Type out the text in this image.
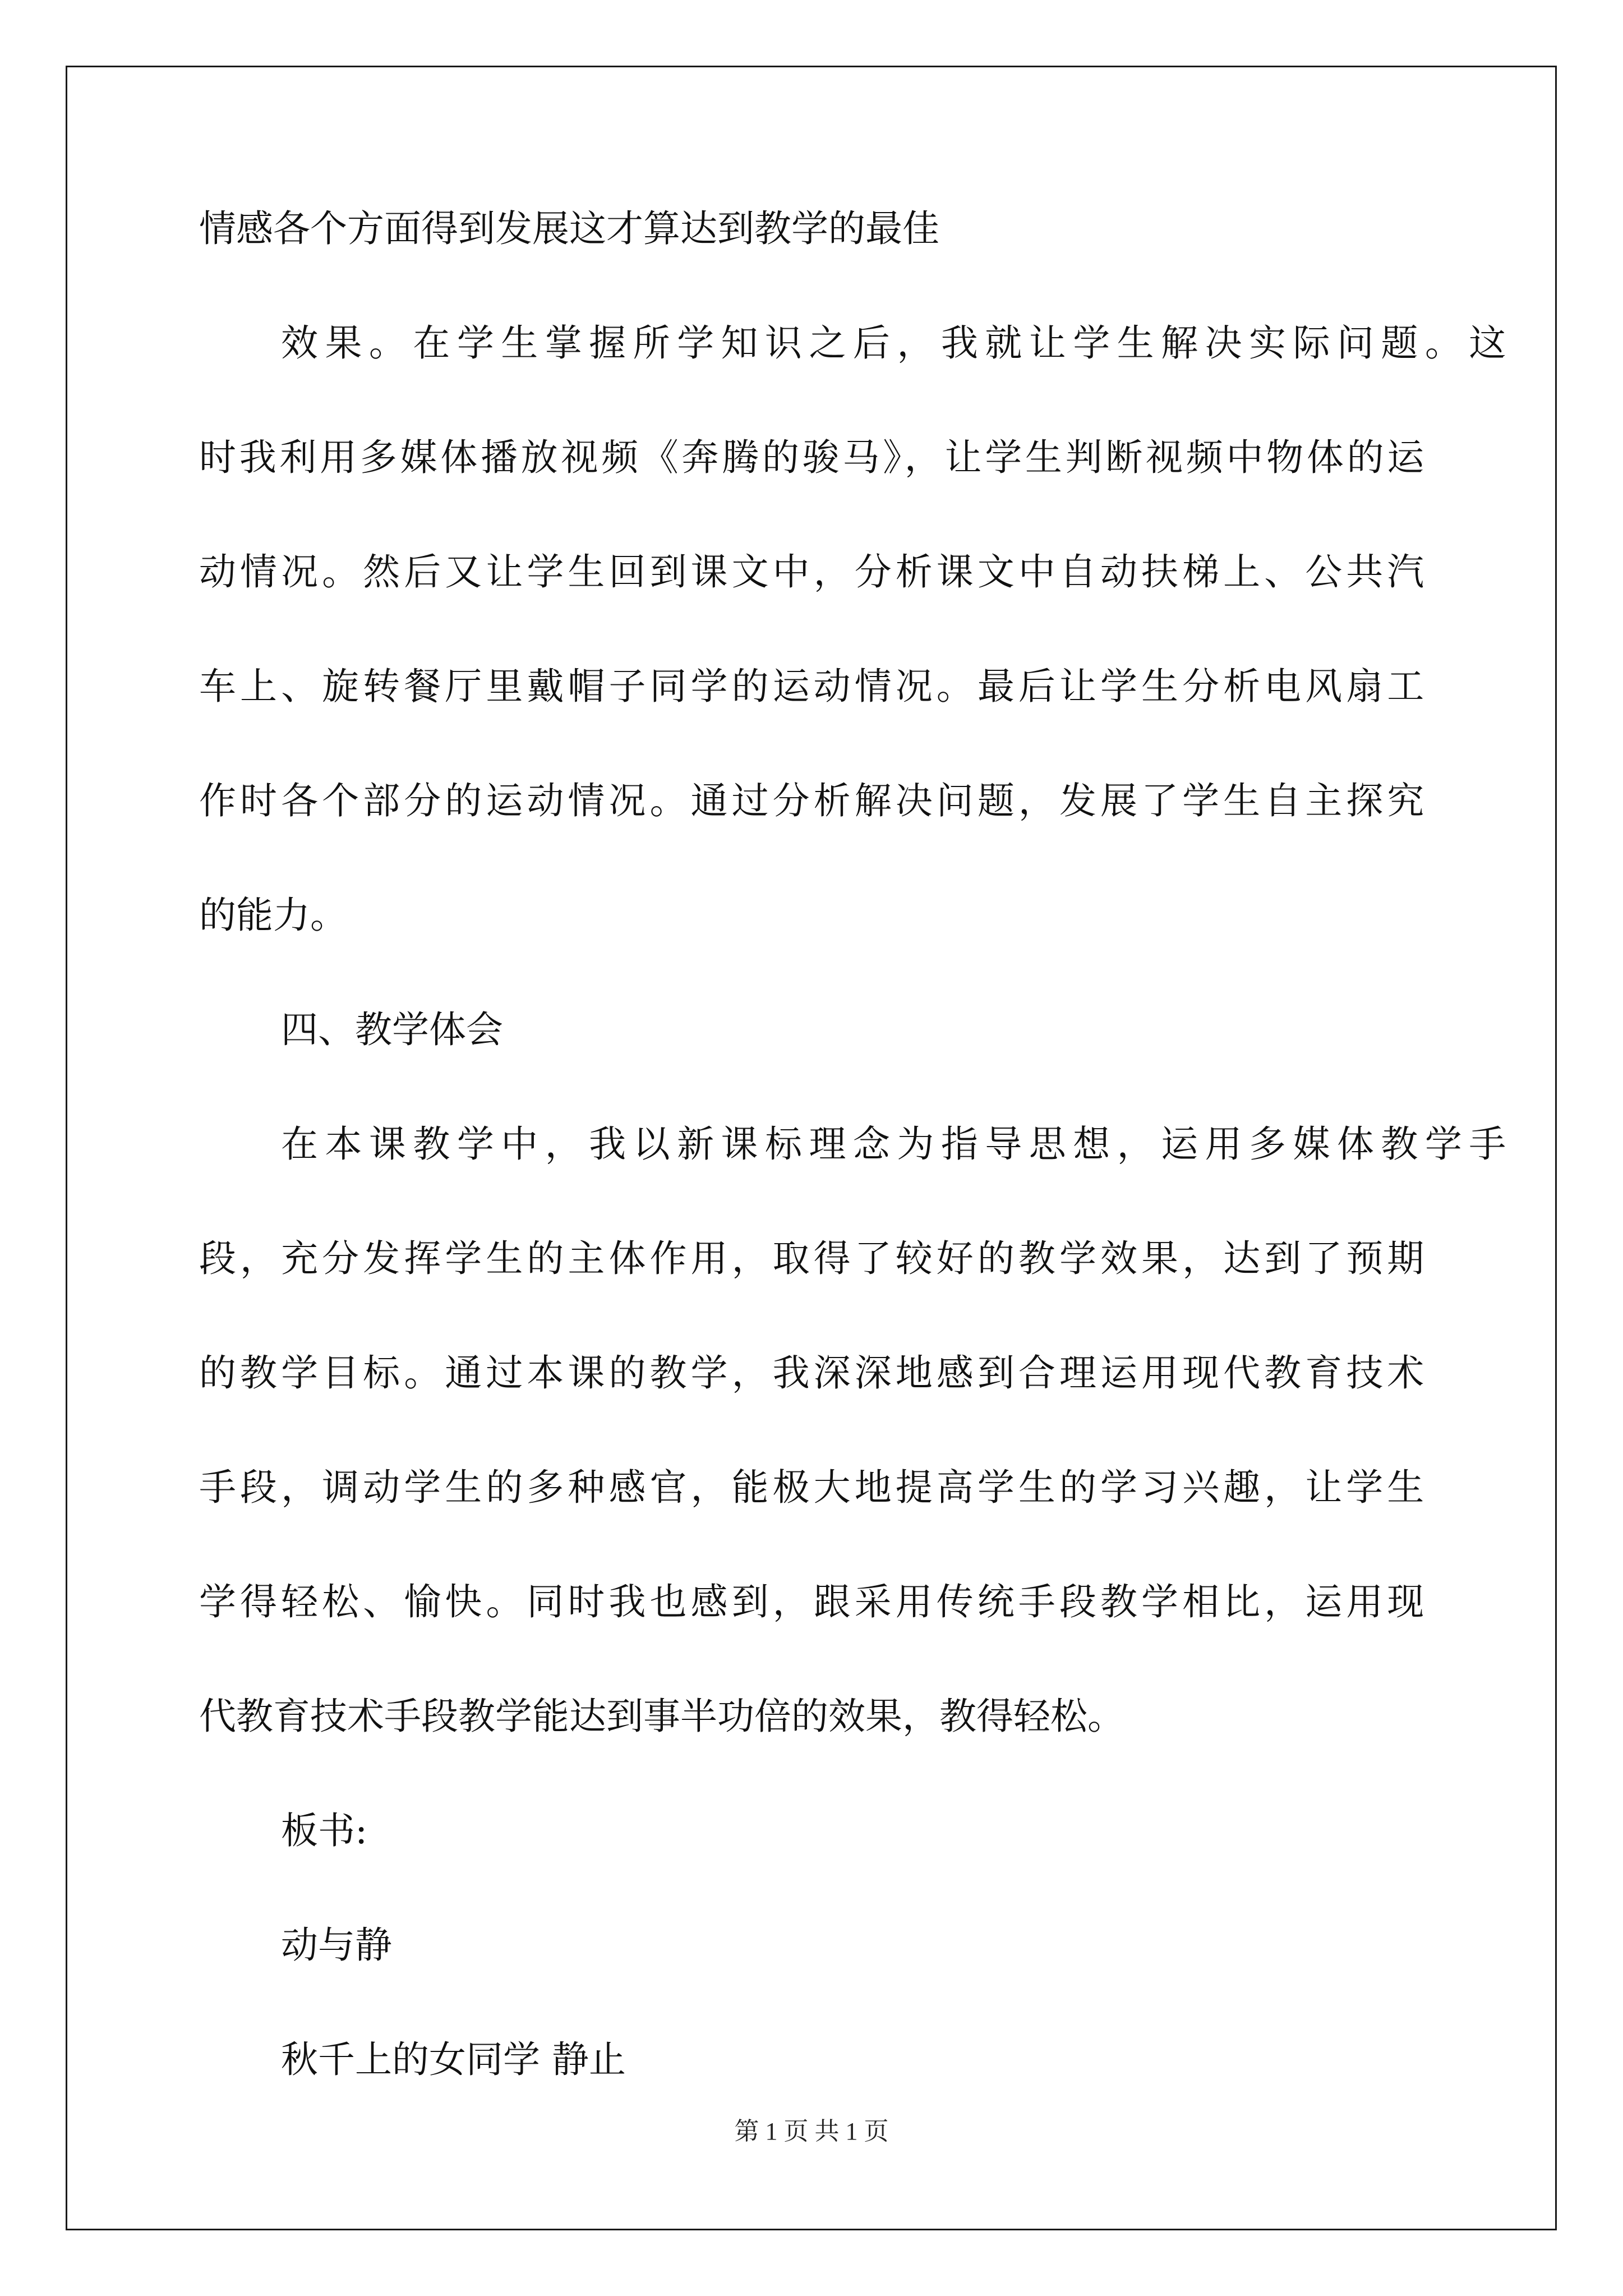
情感各个方面得到发展这才算达到教学的最佳
效果。在学生掌握所学知识之后，我就让学生解决实际问题。这
时我利用多媒体播放视频《奔腾的骏马》，让学生判断视频中物体的运
动情况。然后又让学生回到课文中，分析课文中自动扶梯上、公共汽
车上、旋转餐厅里戴帽子同学的运动情况。最后让学生分析电风扇工
作时各个部分的运动情况。通过分析解决问题，发展了学生自主探究
的能力。
四、教学体会
在本课教学中，我以新课标理念为指导思想，运用多媒体教学手
段，充分发挥学生的主体作用，取得了较好的教学效果，达到了预期
的教学目标。通过本课的教学，我深深地感到合理运用现代教育技术
手段，调动学生的多种感官，能极大地提高学生的学习兴趣，让学生
学得轻松、愉快。同时我也感到，跟采用传统手段教学相比，运用现
代教育技术手段教学能达到事半功倍的效果，教得轻松。
板书:
动与静
秋千上的女同学 静止
第 1 页 共 1 页
